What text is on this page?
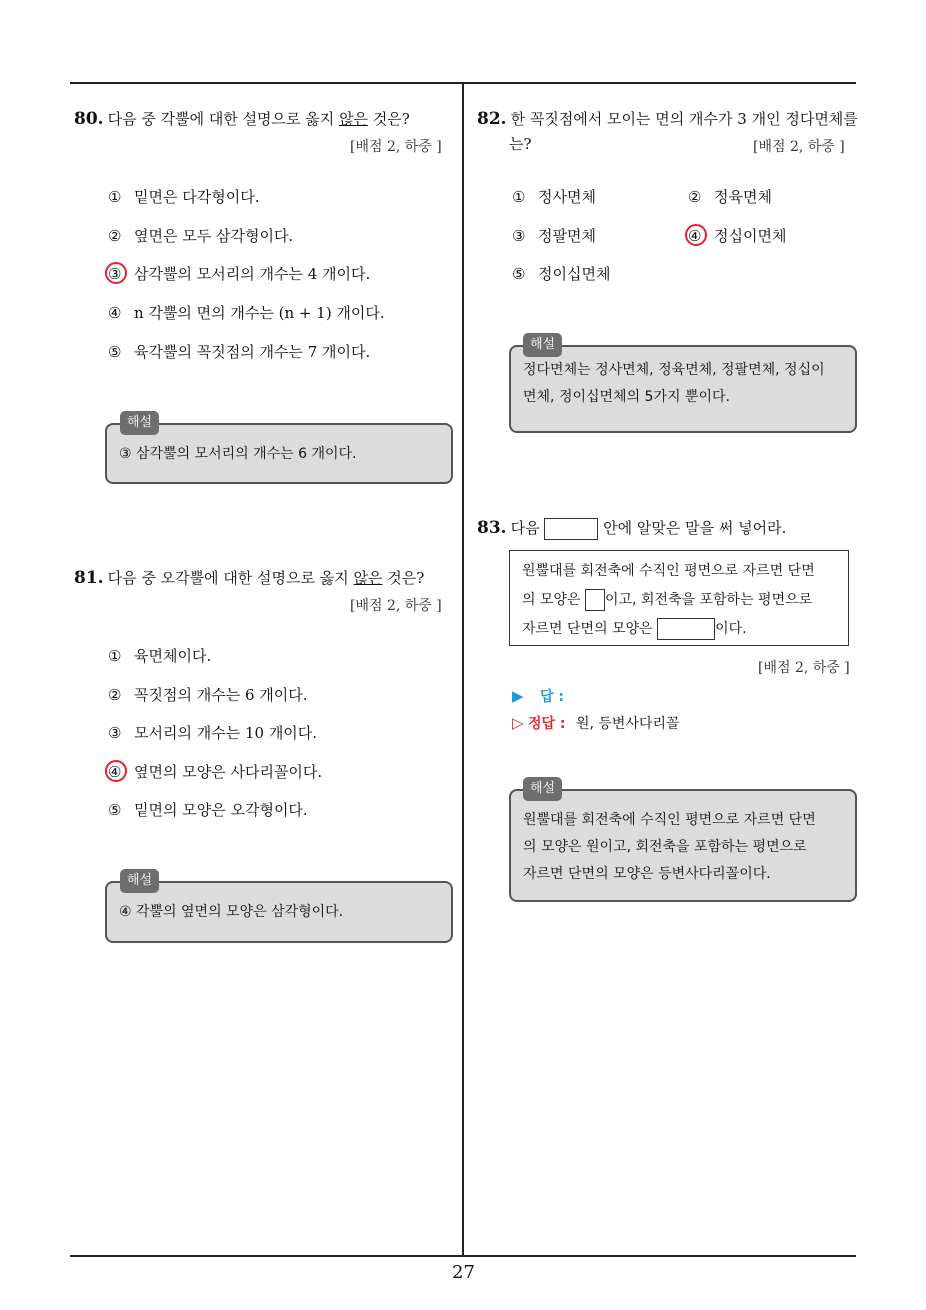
80. 다음 중 각뿔에 대한 설명으로 옳지 않은 것은?
[배점 2, 하중 ]
① 밑면은 다각형이다.
② 옆면은 모두 삼각형이다.
③ 삼각뿔의 모서리의 개수는 4 개이다.
④ n 각뿔의 면의 개수는 (n + 1) 개이다.
⑤ 육각뿔의 꼭짓점의 개수는 7 개이다.
③ 삼각뿔의 모서리의 개수는 6 개이다.
해설
81. 다음 중 오각뿔에 대한 설명으로 옳지 않은 것은?
[배점 2, 하중 ]
① 육면체이다.
② 꼭짓점의 개수는 6 개이다.
③ 모서리의 개수는 10 개이다.
④ 옆면의 모양은 사다리꼴이다.
⑤ 밑면의 모양은 오각형이다.
④ 각뿔의 옆면의 모양은 삼각형이다.
해설
82. 한 꼭짓점에서 모이는 면의 개수가 3 개인 정다면체를
는?	[배점 2, 하중 ]
① 정사면체	② 정육면체
③ 정팔면체	④ 정십이면체
⑤ 정이십면체
정다면체는 정사면체, 정육면체, 정팔면체, 정십이
면체, 정이십면체의 5가지 뿐이다.
해설
83. 다음	안에 알맞은 말을 써 넣어라.
원뿔대를 회전축에 수직인 평면으로 자르면 단면
의 모양은 이고, 회전축을 포함하는 평면으로
자르면 단면의 모양은	이다.
[배점 2, 하중 ]
▶ 답 :
▷ 정답 : 원, 등변사다리꼴
원뿔대를 회전축에 수직인 평면으로 자르면 단면
의 모양은 원이고, 회전축을 포함하는 평면으로
자르면 단면의 모양은 등변사다리꼴이다.
해설
27
